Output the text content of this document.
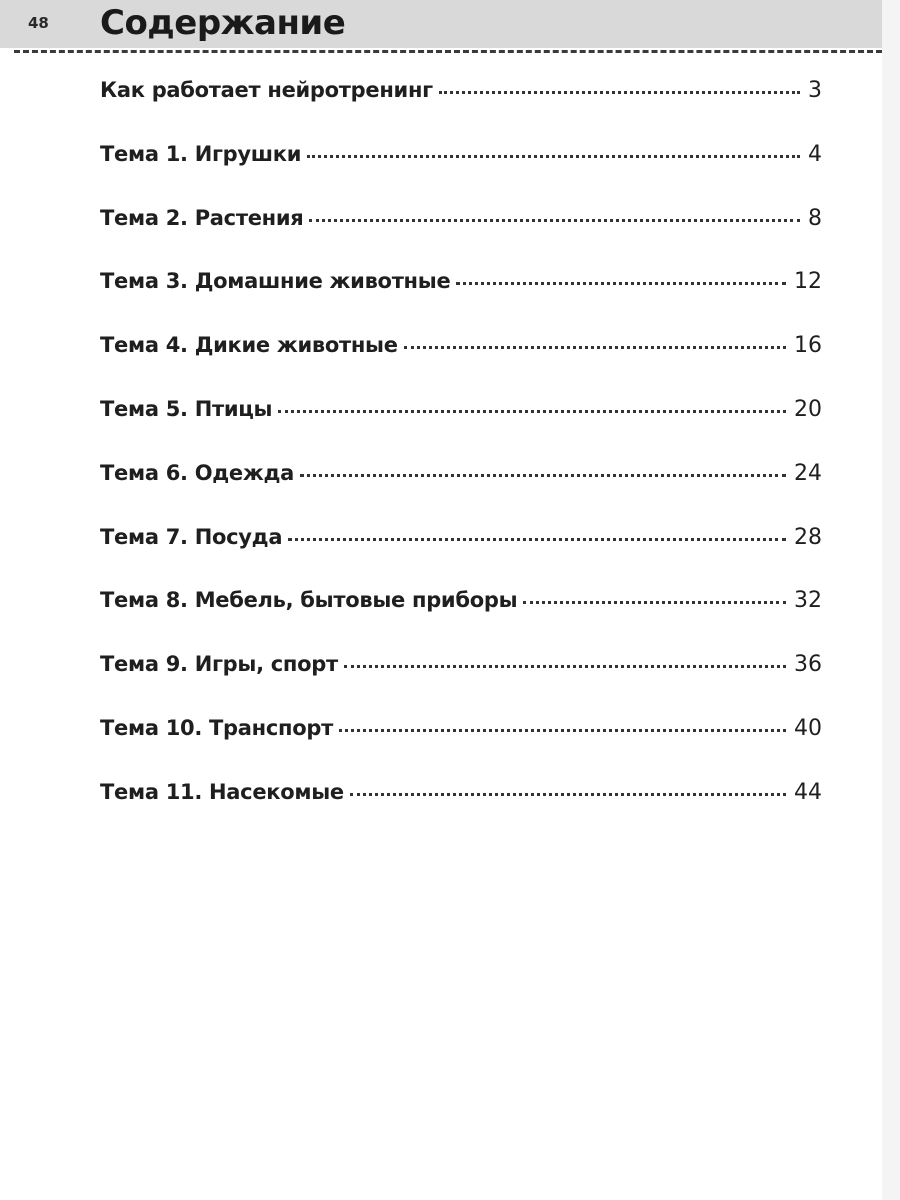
48 Содержание
Как работает нейротренинг	3
Тема 1. Игрушки	4
Тема 2. Растения	8
Тема 3. Домашние животные	12
Тема 4. Дикие животные	16
Тема 5. Птицы	20
Тема 6. Одежда	24
Тема 7. Посуда	28
Тема 8. Мебель, бытовые приборы	32
Тема 9. Игры, спорт	36
Тема 10. Транспорт	40
Тема 11. Насекомые	44
